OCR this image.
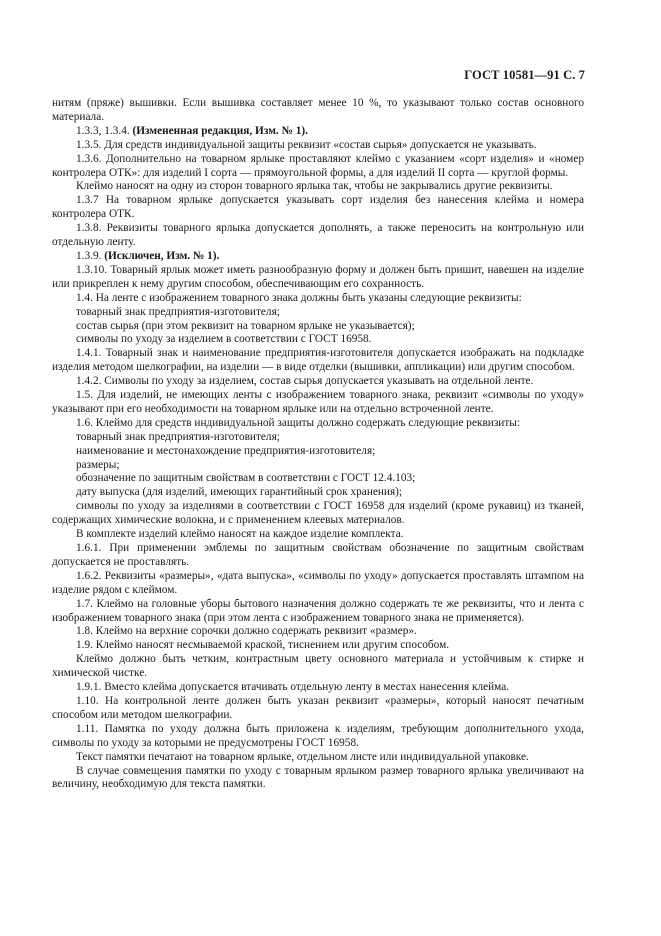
ГОСТ 10581—91 С. 7

нитям (пряже) вышивки. Если вышивка составляет менее 10 %, то указывают только состав основного материала.

1.3.3, 1.3.4. (Измененная редакция, Изм. № 1).

1.3.5. Для средств индивидуальной защиты реквизит «состав сырья» допускается не указывать.

1.3.6. Дополнительно на товарном ярлыке проставляют клеймо с указанием «сорт изделия» и «номер контролера ОТК»: для изделий I сорта — прямоугольной формы, а для изделий II сорта — круглой формы.

Клеймо наносят на одну из сторон товарного ярлыка так, чтобы не закрывались другие реквизиты.

1.3.7 На товарном ярлыке допускается указывать сорт изделия без нанесения клейма и номера контролера ОТК.

1.3.8. Реквизиты товарного ярлыка допускается дополнять, а также переносить на контрольную или отдельную ленту.

1.3.9. (Исключен, Изм. № 1).

1.3.10. Товарный ярлык может иметь разнообразную форму и должен быть пришит, навешен на изделие или прикреплен к нему другим способом, обеспечивающим его сохранность.

1.4. На ленте с изображением товарного знака должны быть указаны следующие реквизиты:

товарный знак предприятия-изготовителя;

состав сырья (при этом реквизит на товарном ярлыке не указывается);

символы по уходу за изделием в соответствии с ГОСТ 16958.

1.4.1. Товарный знак и наименование предприятия-изготовителя допускается изображать на подкладке изделия методом шелкографии, на изделии — в виде отделки (вышивки, аппликации) или другим способом.

1.4.2. Символы по уходу за изделием, состав сырья допускается указывать на отдельной ленте.

1.5. Для изделий, не имеющих ленты с изображением товарного знака, реквизит «символы по уходу» указывают при его необходимости на товарном ярлыке или на отдельно встроченной ленте.

1.6. Клеймо для средств индивидуальной защиты должно содержать следующие реквизиты:

товарный знак предприятия-изготовителя;

наименование и местонахождение предприятия-изготовителя;

размеры;

обозначение по защитным свойствам в соответствии с ГОСТ 12.4.103;

дату выпуска (для изделий, имеющих гарантийный срок хранения);

символы по уходу за изделиями в соответствии с ГОСТ 16958 для изделий (кроме рукавиц) из тканей, содержащих химические волокна, и с применением клеевых материалов.

В комплекте изделий клеймо наносят на каждое изделие комплекта.

1.6.1. При применении эмблемы по защитным свойствам обозначение по защитным свойствам допускается не проставлять.

1.6.2. Реквизиты «размеры», «дата выпуска», «символы по уходу» допускается проставлять штампом на изделие рядом с клеймом.

1.7. Клеймо на головные уборы бытового назначения должно содержать те же реквизиты, что и лента с изображением товарного знака (при этом лента с изображением товарного знака не применяется).

1.8. Клеймо на верхние сорочки должно содержать реквизит «размер».

1.9. Клеймо наносят несмываемой краской, тиснением или другим способом.

Клеймо должно быть четким, контрастным цвету основного материала и устойчивым к стирке и химической чистке.

1.9.1. Вместо клейма допускается втачивать отдельную ленту в местах нанесения клейма.

1.10. На контрольной ленте должен быть указан реквизит «размеры», который наносят печатным способом или методом шелкографии.

1.11. Памятка по уходу должна быть приложена к изделиям, требующим дополнительного ухода, символы по уходу за которыми не предусмотрены ГОСТ 16958.

Текст памятки печатают на товарном ярлыке, отдельном листе или индивидуальной упаковке.

В случае совмещения памятки по уходу с товарным ярлыком размер товарного ярлыка увеличивают на величину, необходимую для текста памятки.
